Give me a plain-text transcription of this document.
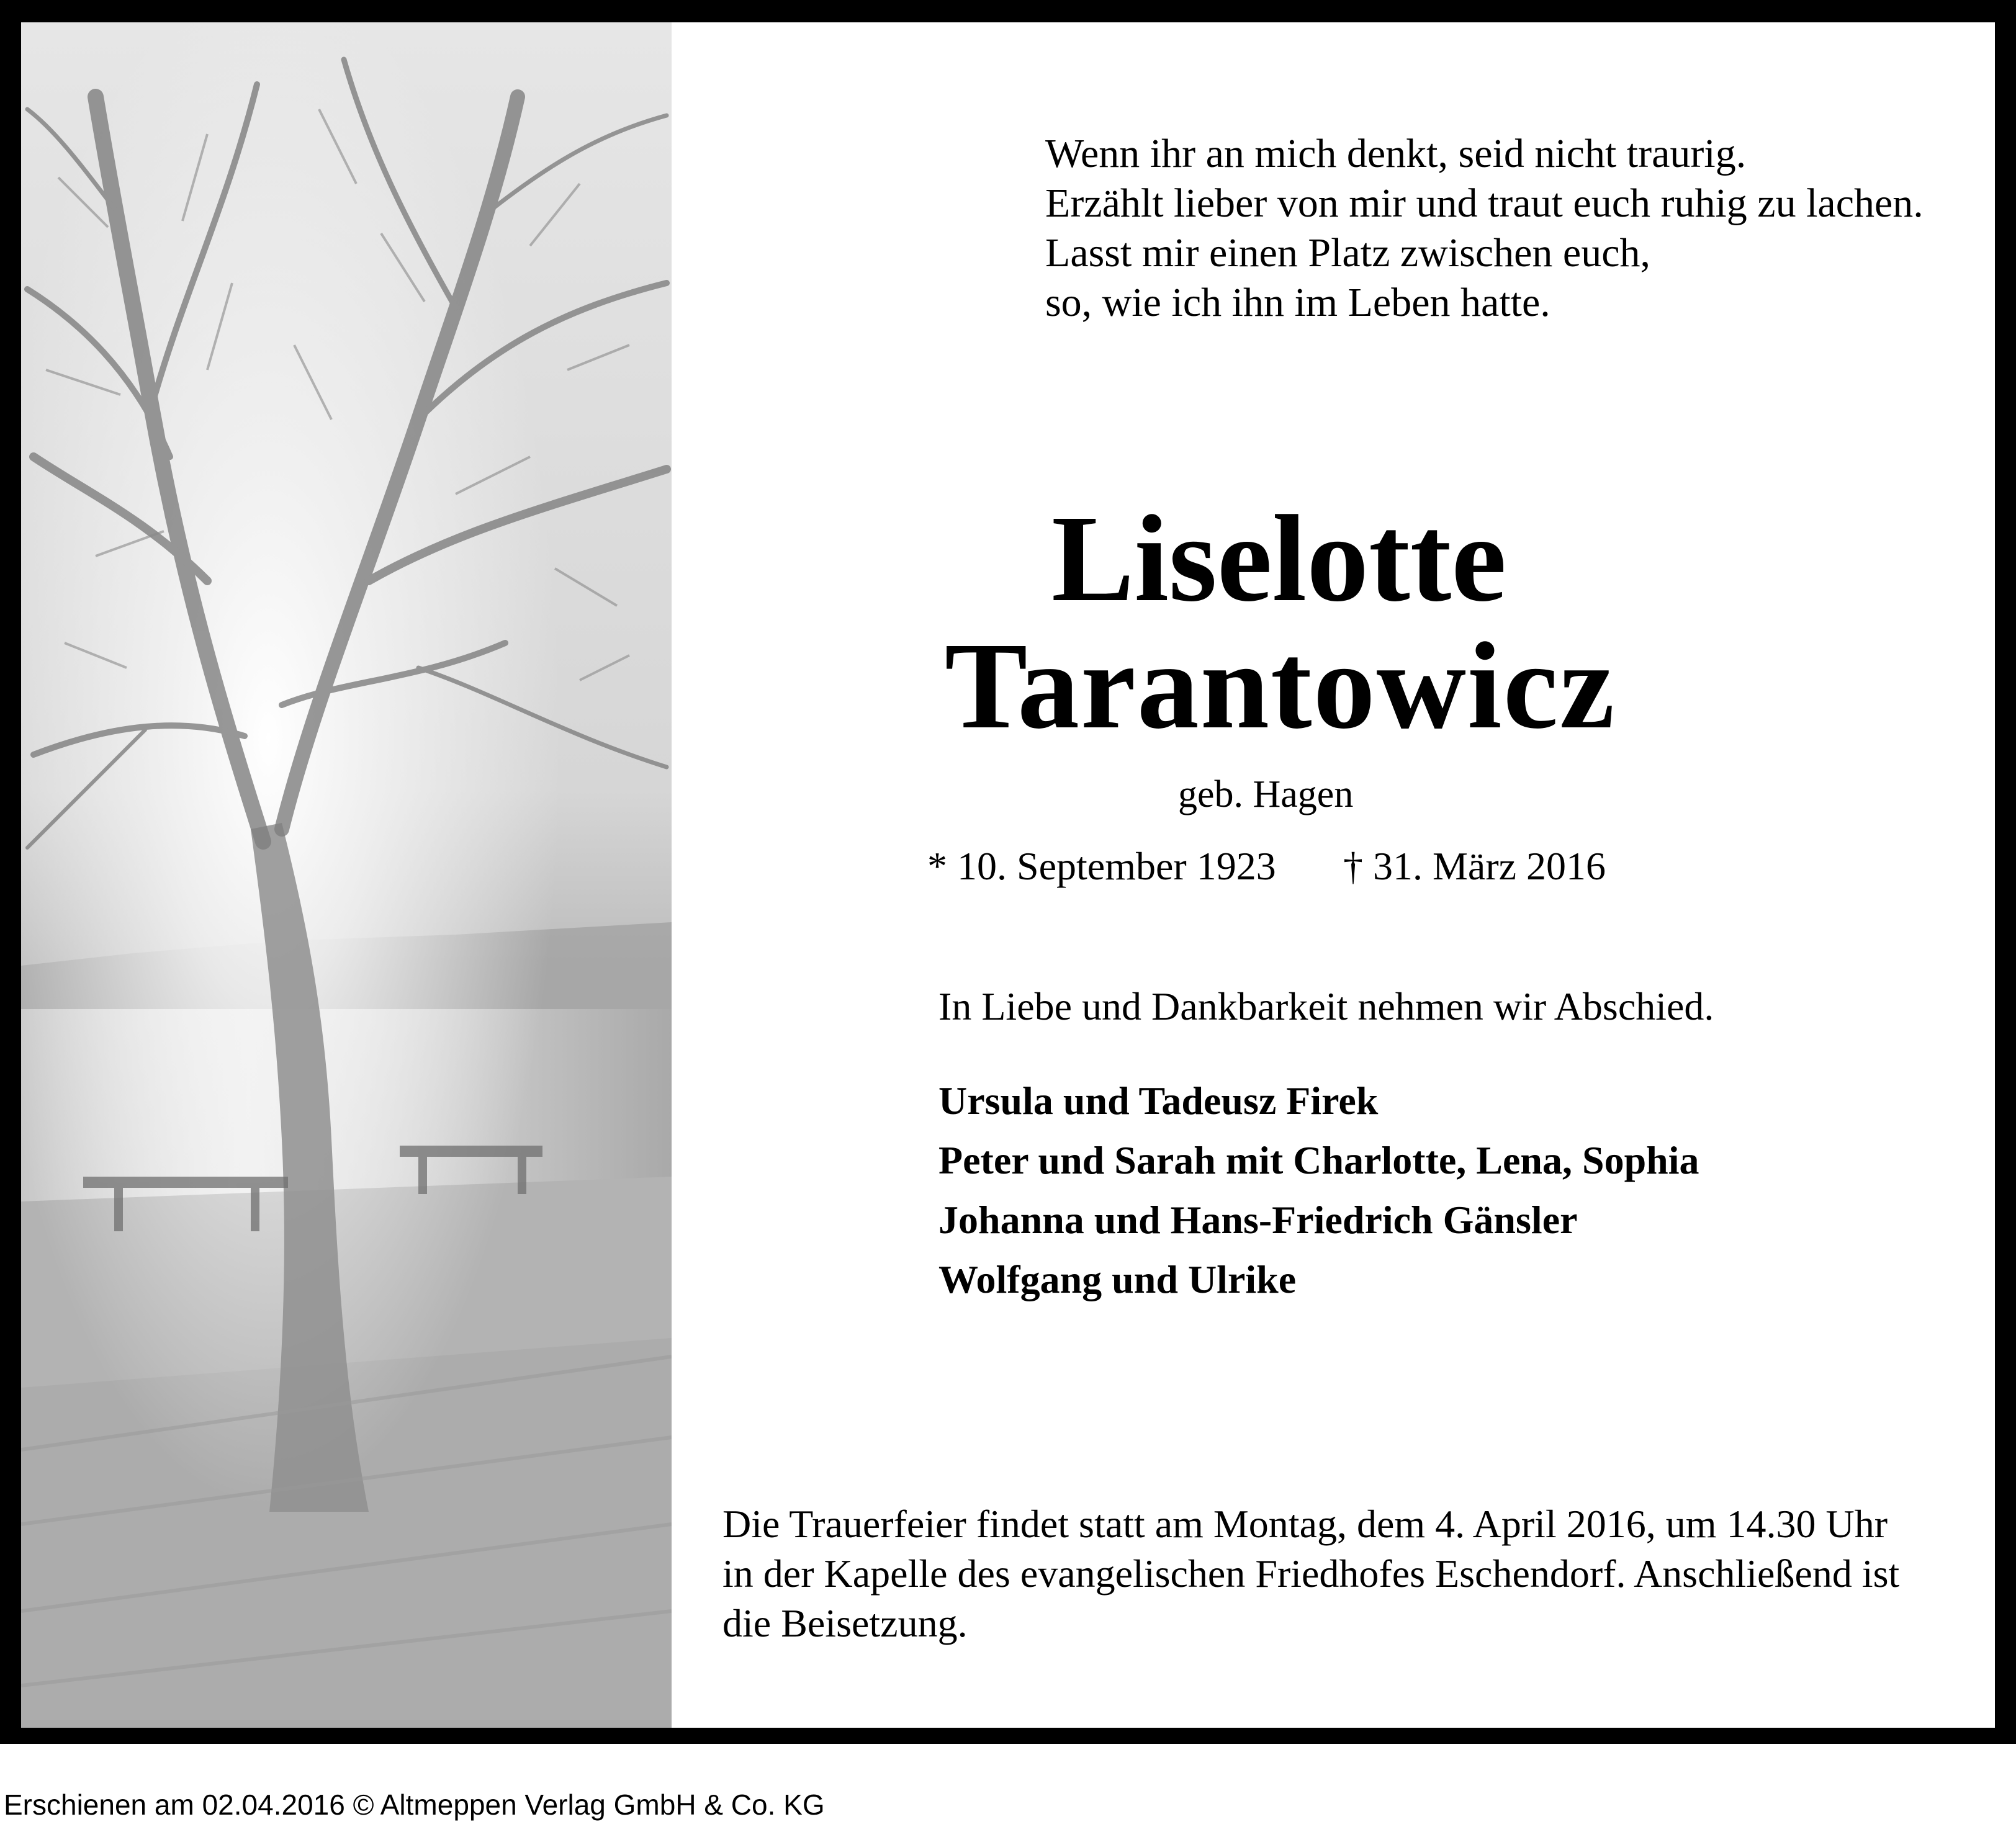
Wenn ihr an mich denkt, seid nicht traurig.
Erzählt lieber von mir und traut euch ruhig zu lachen.
Lasst mir einen Platz zwischen euch,
so, wie ich ihn im Leben hatte.
Liselotte
Tarantowicz
geb. Hagen
* 10. September 1923 † 31. März 2016
In Liebe und Dankbarkeit nehmen wir Abschied.
Ursula und Tadeusz Firek
Peter und Sarah mit Charlotte, Lena, Sophia
Johanna und Hans-Friedrich Gänsler
Wolfgang und Ulrike
Die Trauerfeier findet statt am Montag, dem 4. April 2016, um 14.30 Uhr
in der Kapelle des evangelischen Friedhofes Eschendorf. Anschließend ist
die Beisetzung.
Erschienen am 02.04.2016 © Altmeppen Verlag GmbH & Co. KG
